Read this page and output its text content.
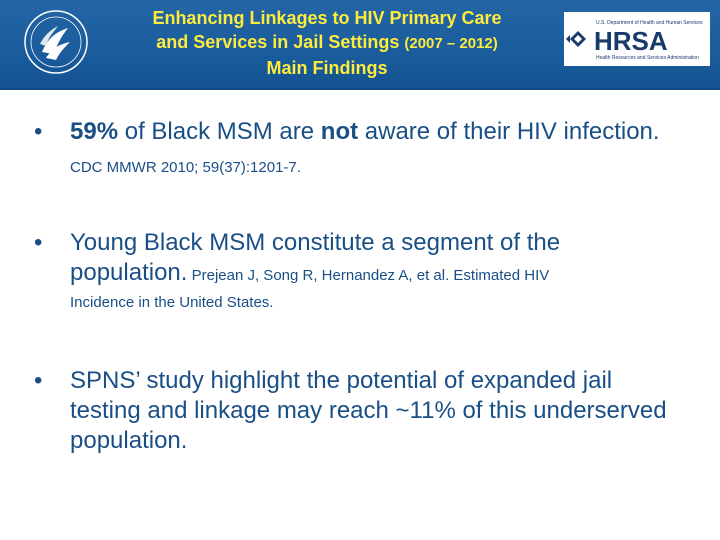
Enhancing Linkages to HIV Primary Care
and Services in Jail Settings (2007 – 2012)
Main Findings
U.S. Department of Health and Human Services
HRSA
Health Resources and Services Administration
•	59% of Black MSM are not aware of their HIV infection. CDC MMWR 2010; 59(37):1201-7.
•	Young Black MSM constitute a segment of the population. Prejean J, Song R, Hernandez A, et al. Estimated HIV
Incidence in the United States.
•	SPNS’ study highlight the potential of expanded jail testing and linkage may reach ~11% of this underserved population.
